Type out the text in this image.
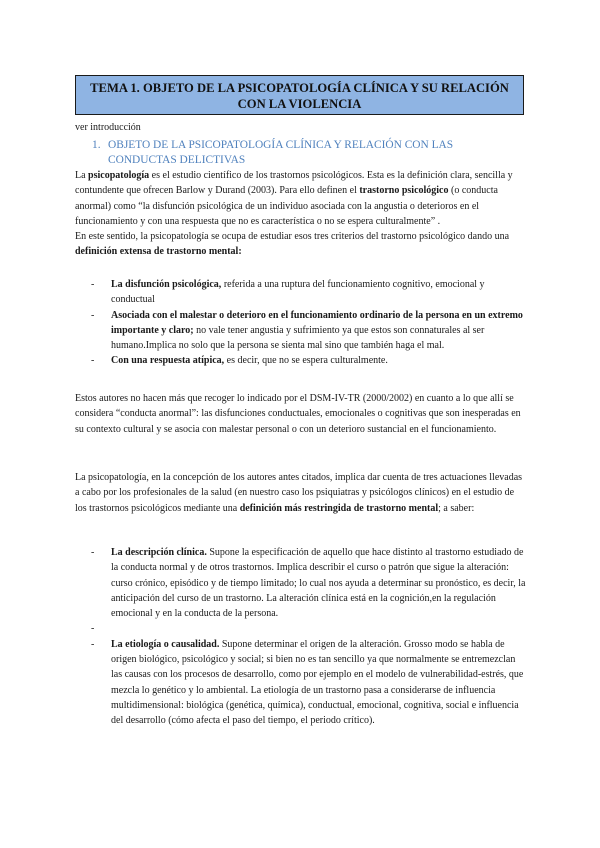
TEMA 1. OBJETO DE LA PSICOPATOLOGÍA CLÍNICA Y SU RELACIÓN
CON LA VIOLENCIA
ver introducción
1. OBJETO DE LA PSICOPATOLOGÍA CLÍNICA Y RELACIÓN CON LAS
CONDUCTAS DELICTIVAS
La psicopatología es el estudio científico de los trastornos psicológicos. Esta es la definición clara, sencilla y contundente que ofrecen Barlow y Durand (2003). Para ello definen el trastorno psicológico (o conducta anormal) como “la disfunción psicológica de un individuo asociada con la angustia o deterioros en el funcionamiento y con una respuesta que no es característica o no se espera culturalmente” .
En este sentido, la psicopatología se ocupa de estudiar esos tres criterios del trastorno psicológico dando una definición extensa de trastorno mental:
- La disfunción psicológica, referida a una ruptura del funcionamiento cognitivo, emocional y conductual
- Asociada con el malestar o deterioro en el funcionamiento ordinario de la persona en un extremo importante y claro; no vale tener angustia y sufrimiento ya que estos son connaturales al ser humano.Implica no solo que la persona se sienta mal sino que también haga el mal.
- Con una respuesta atípica, es decir, que no se espera culturalmente.
Estos autores no hacen más que recoger lo indicado por el DSM-IV-TR (2000/2002) en cuanto a lo que allí se considera “conducta anormal”: las disfunciones conductuales, emocionales o cognitivas que son inesperadas en su contexto cultural y se asocia con malestar personal o con un deterioro sustancial en el funcionamiento.
La psicopatología, en la concepción de los autores antes citados, implica dar cuenta de tres actuaciones llevadas a cabo por los profesionales de la salud (en nuestro caso los psiquiatras y psicólogos clínicos) en el estudio de los trastornos psicológicos mediante una definición más restringida de trastorno mental; a saber:
- La descripción clínica. Supone la especificación de aquello que hace distinto al trastorno estudiado de la conducta normal y de otros trastornos. Implica describir el curso o patrón que sigue la alteración: curso crónico, episódico y de tiempo limitado; lo cual nos ayuda a determinar su pronóstico, es decir, la anticipación del curso de un trastorno. La alteración clínica está en la cognición,en la regulación emocional y en la conducta de la persona.
-
- La etiología o causalidad. Supone determinar el origen de la alteración. Grosso modo se habla de origen biológico, psicológico y social; si bien no es tan sencillo ya que normalmente se entremezclan las causas con los procesos de desarrollo, como por ejemplo en el modelo de vulnerabilidad-estrés, que mezcla lo genético y lo ambiental. La etiología de un trastorno pasa a considerarse de influencia multidimensional: biológica (genética, química), conductual, emocional, cognitiva, social e influencia del desarrollo (cómo afecta el paso del tiempo, el periodo crítico).
